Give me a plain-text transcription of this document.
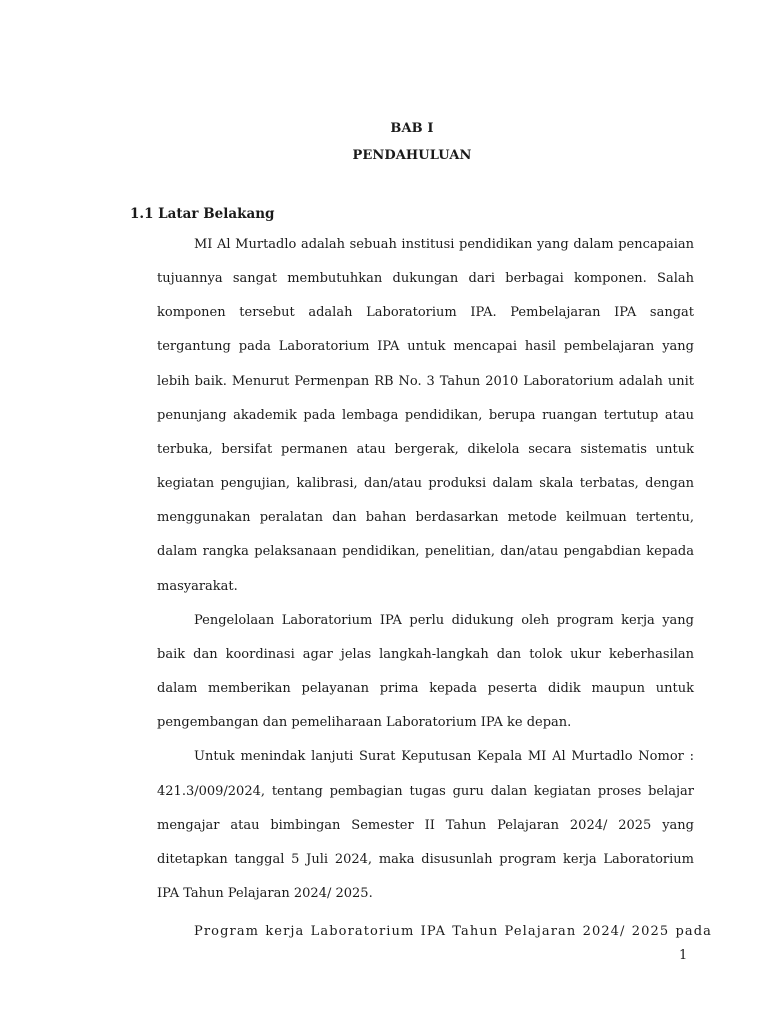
BAB I
PENDAHULUAN
1.1 Latar Belakang

MI Al Murtadlo adalah sebuah institusi pendidikan yang dalam pencapaian tujuannya sangat membutuhkan dukungan dari berbagai komponen. Salah komponen tersebut adalah Laboratorium IPA. Pembelajaran IPA sangat tergantung pada Laboratorium IPA untuk mencapai hasil pembelajaran yang lebih baik. Menurut Permenpan RB No. 3 Tahun 2010 Laboratorium adalah unit penunjang akademik pada lembaga pendidikan, berupa ruangan tertutup atau terbuka, bersifat permanen atau bergerak, dikelola secara sistematis untuk kegiatan pengujian, kalibrasi, dan/atau produksi dalam skala terbatas, dengan menggunakan peralatan dan bahan berdasarkan metode keilmuan tertentu, dalam rangka pelaksanaan pendidikan, penelitian, dan/atau pengabdian kepada masyarakat.

Pengelolaan Laboratorium IPA perlu didukung oleh program kerja yang baik dan koordinasi agar jelas langkah-langkah dan tolok ukur keberhasilan dalam memberikan pelayanan prima kepada peserta didik maupun untuk pengembangan dan pemeliharaan Laboratorium IPA ke depan.

Untuk menindak lanjuti Surat Keputusan Kepala MI Al Murtadlo Nomor : 421.3/009/2024, tentang pembagian tugas guru dalan kegiatan proses belajar mengajar atau bimbingan Semester II Tahun Pelajaran 2024/ 2025 yang ditetapkan tanggal 5 Juli 2024, maka disusunlah program kerja Laboratorium IPA Tahun Pelajaran 2024/ 2025.

Program kerja Laboratorium IPA Tahun Pelajaran 2024/ 2025 pada
1
